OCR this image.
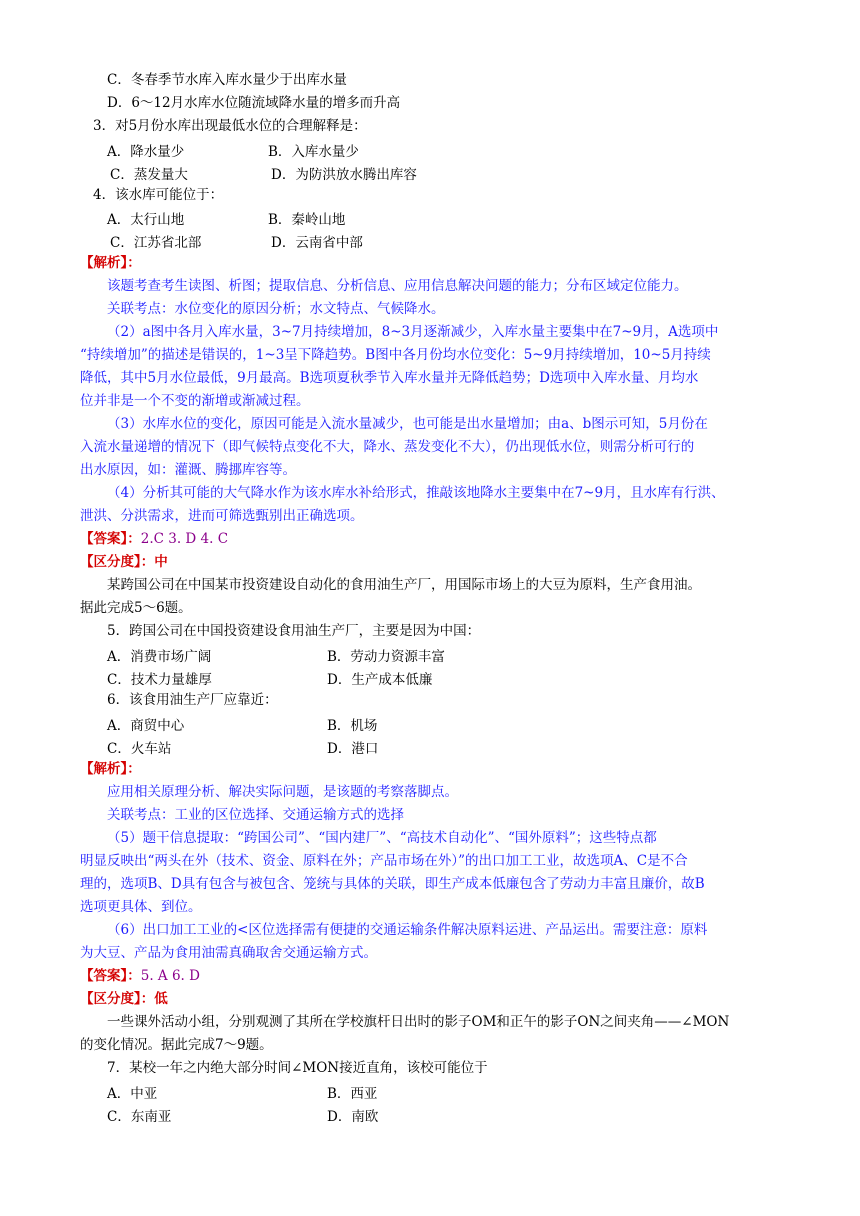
C．冬春季节水库入库水量少于出库水量
D．6～12月水库水位随流域降水量的增多而升高
3．对5月份水库出现最低水位的合理解释是：
A．降水量少	B．入库水量少
C．蒸发量大	D．为防洪放水腾出库容
4．该水库可能位于：
A．太行山地	B．秦岭山地
C．江苏省北部	D．云南省中部
【解析】：
该题考查考生读图、析图；提取信息、分析信息、应用信息解决问题的能力；分布区域定位能力。
关联考点：水位变化的原因分析；水文特点、气候降水。
（2）a图中各月入库水量，3~7月持续增加，8~3月逐渐减少，入库水量主要集中在7~9月，A选项中
“持续增加”的描述是错误的，1~3呈下降趋势。B图中各月份均水位变化：5~9月持续增加，10~5月持续
降低，其中5月水位最低，9月最高。B选项夏秋季节入库水量并无降低趋势；D选项中入库水量、月均水
位并非是一个不变的渐增或渐减过程。
（3）水库水位的变化，原因可能是入流水量减少，也可能是出水量增加；由a、b图示可知，5月份在
入流水量递增的情况下（即气候特点变化不大，降水、蒸发变化不大），仍出现低水位，则需分析可行的
出水原因，如：灌溉、腾挪库容等。
（4）分析其可能的大气降水作为该水库水补给形式，推敲该地降水主要集中在7~9月，且水库有行洪、
泄洪、分洪需求，进而可筛选甄别出正确选项。
【答案】：2.C 3. D 4. C
【区分度】：中
某跨国公司在中国某市投资建设自动化的食用油生产厂，用国际市场上的大豆为原料，生产食用油。
据此完成5～6题。
5．跨国公司在中国投资建设食用油生产厂，主要是因为中国：
A．消费市场广阔	B．劳动力资源丰富
C．技术力量雄厚	D．生产成本低廉
6．该食用油生产厂应靠近：
A．商贸中心	B．机场
C．火车站	D．港口
【解析】：
应用相关原理分析、解决实际问题，是该题的考察落脚点。
关联考点：工业的区位选择、交通运输方式的选择
（5）题干信息提取：“跨国公司”、“国内建厂”、“高技术自动化”、“国外原料”；这些特点都
明显反映出“两头在外（技术、资金、原料在外；产品市场在外）”的出口加工工业，故选项A、C是不合
理的，选项B、D具有包含与被包含、笼统与具体的关联，即生产成本低廉包含了劳动力丰富且廉价，故B
选项更具体、到位。
（6）出口加工工业的<区位选择需有便捷的交通运输条件解决原料运进、产品运出。需要注意：原料
为大豆、产品为食用油需真确取舍交通运输方式。
【答案】：5. A 6. D
【区分度】：低
一些课外活动小组，分别观测了其所在学校旗杆日出时的影子OM和正午的影子ON之间夹角——∠MON
的变化情况。据此完成7～9题。
7．某校一年之内绝大部分时间∠MON接近直角，该校可能位于
A．中亚	B．西亚
C．东南亚	D．南欧
